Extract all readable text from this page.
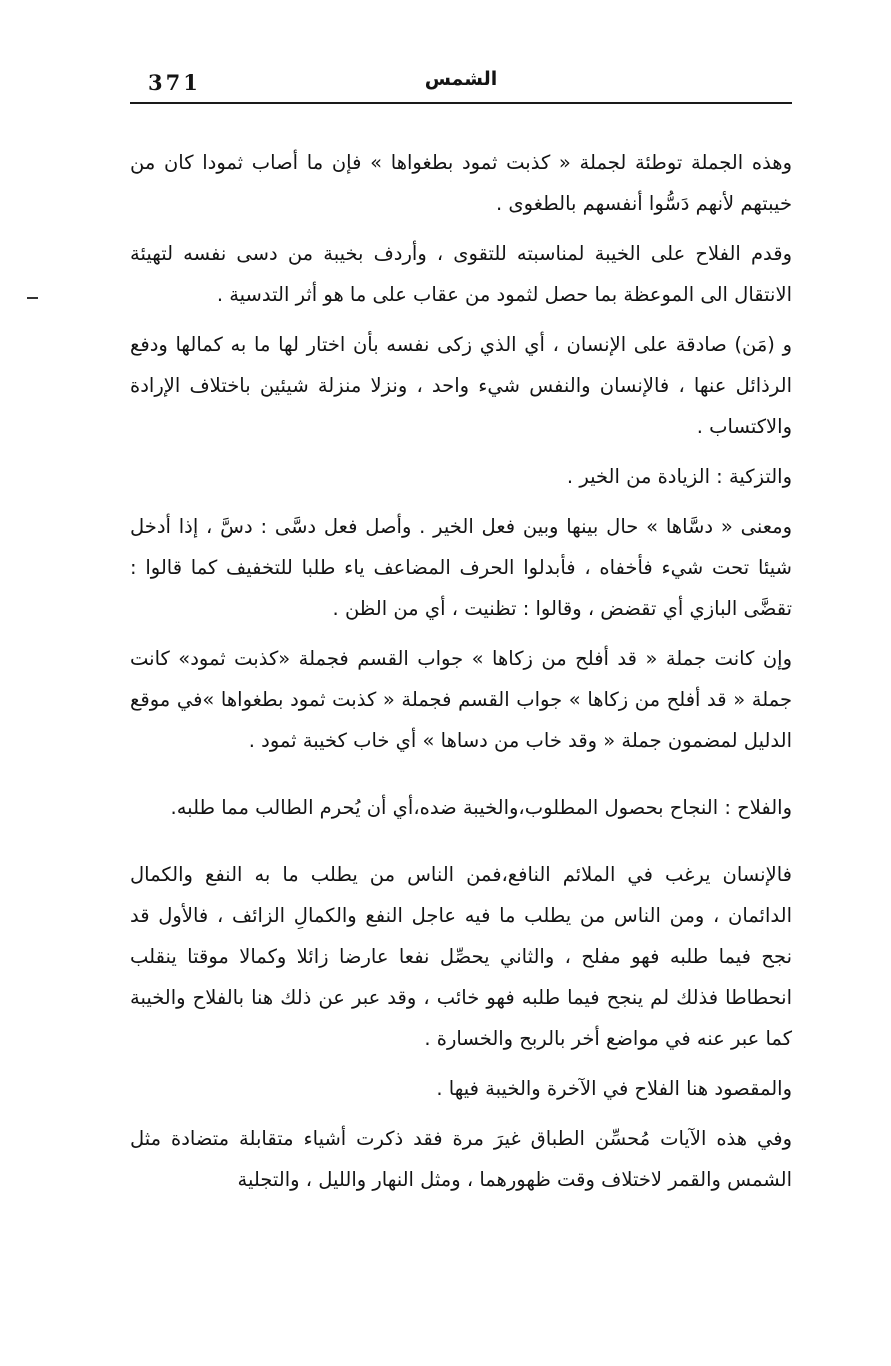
371	الشمس

وهذه الجملة توطئة لجملة « كذبت ثمود بطغواها » فإن ما أصاب ثمودا كان من خيبتهم لأنهم دَسُّوا أنفسهم بالطغوى .

وقدم الفلاح على الخيبة لمناسبته للتقوى ، وأردف بخيبة من دسى نفسه لتهيئة الانتقال الى الموعظة بما حصل لثمود من عقاب على ما هو أثر التدسية .

و (مَن) صادقة على الإنسان ، أي الذي زكى نفسه بأن اختار لها ما به كمالها ودفع الرذائل عنها ، فالإنسان والنفس شيء واحد ، ونزلا منزلة شيئين باختلاف الإرادة والاكتساب .

والتزكية : الزيادة من الخير .

ومعنى « دسَّاها » حال بينها وبين فعل الخير . وأصل فعل دسَّى : دسَّ ، إذا أدخل شيئا تحت شيء فأخفاه ، فأبدلوا الحرف المضاعف ياء طلبا للتخفيف كما قالوا : تقضَّى البازي أي تقضض ، وقالوا : تظنيت ، أي من الظن .

وإن كانت جملة « قد أفلح من زكاها » جواب القسم فجملة «كذبت ثمود» كانت جملة « قد أفلح من زكاها » جواب القسم فجملة « كذبت ثمود بطغواها »في موقع الدليل لمضمون جملة « وقد خاب من دساها » أي خاب كخيبة ثمود .

والفلاح : النجاح بحصول المطلوب،والخيبة ضده،أي أن يُحرم الطالب مما طلبه.

فالإنسان يرغب في الملائم النافع،فمن الناس من يطلب ما به النفع والكمال الدائمان ، ومن الناس من يطلب ما فيه عاجل النفع والكمالِ الزائف ، فالأول قد نجح فيما طلبه فهو مفلح ، والثاني يحصِّل نفعا عارضا زائلا وكمالا موقتا ينقلب انحطاطا فذلك لم ينجح فيما طلبه فهو خائب ، وقد عبر عن ذلك هنا بالفلاح والخيبة كما عبر عنه في مواضع أخر بالربح والخسارة .

والمقصود هنا الفلاح في الآخرة والخيبة فيها .

وفي هذه الآيات مُحسِّن الطباق غيرَ مرة فقد ذكرت أشياء متقابلة متضادة مثل الشمس والقمر لاختلاف وقت ظهورهما ، ومثل النهار والليل ، والتجلية
